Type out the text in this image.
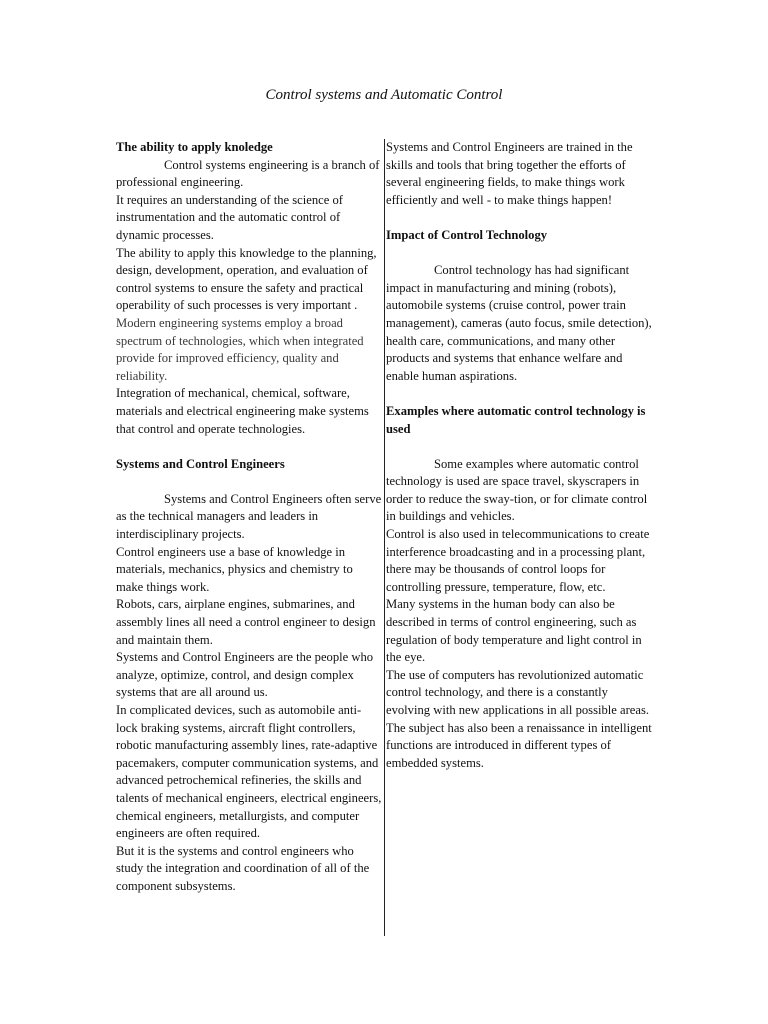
Control systems and Automatic Control
The ability to apply knoledge

Control systems engineering is a branch of professional engineering.

It requires an understanding of the science of instrumentation and the automatic control of dynamic processes.

The ability to apply this knowledge to the planning, design, development, operation, and evaluation of control systems to ensure the safety and practical operability of such processes is very important .

Modern engineering systems employ a broad spectrum of technologies, which when integrated provide for improved efficiency, quality and reliability.

Integration of mechanical, chemical, software, materials and electrical engineering make systems that control and operate technologies.

Systems and Control Engineers

Systems and Control Engineers often serve as the technical managers and leaders in interdisciplinary projects.

Control engineers use a base of knowledge in materials, mechanics, physics and chemistry to make things work.

Robots, cars, airplane engines, submarines, and assembly lines all need a control engineer to design and maintain them.

Systems and Control Engineers are the people who analyze, optimize, control, and design complex systems that are all around us.

In complicated devices, such as automobile anti-lock braking systems, aircraft flight controllers, robotic manufacturing assembly lines, rate-adaptive pacemakers, computer communication systems, and advanced petrochemical refineries, the skills and talents of mechanical engineers, electrical engineers, chemical engineers, metallurgists, and computer engineers are often required.

But it is the systems and control engineers who study the integration and coordination of all of the component subsystems.

Systems and Control Engineers are trained in the skills and tools that bring together the efforts of several engineering fields, to make things work efficiently and well - to make things happen!

Impact of Control Technology

Control technology has had significant impact in manufacturing and mining (robots), automobile systems (cruise control, power train management), cameras (auto focus, smile detection), health care, communications, and many other products and systems that enhance welfare and enable human aspirations.

Examples where automatic control technology is used

Some examples where automatic control technology is used are space travel, skyscrapers in order to reduce the sway-tion, or for climate control in buildings and vehicles.

Control is also used in telecommunications to create interference broadcasting and in a processing plant, there may be thousands of control loops for controlling pressure, temperature, flow, etc.

Many systems in the human body can also be described in terms of control engineering, such as regulation of body temperature and light control in the eye.

The use of computers has revolutionized automatic control technology, and there is a constantly evolving with new applications in all possible areas.

The subject has also been a renaissance in intelligent functions are introduced in different types of embedded systems.
